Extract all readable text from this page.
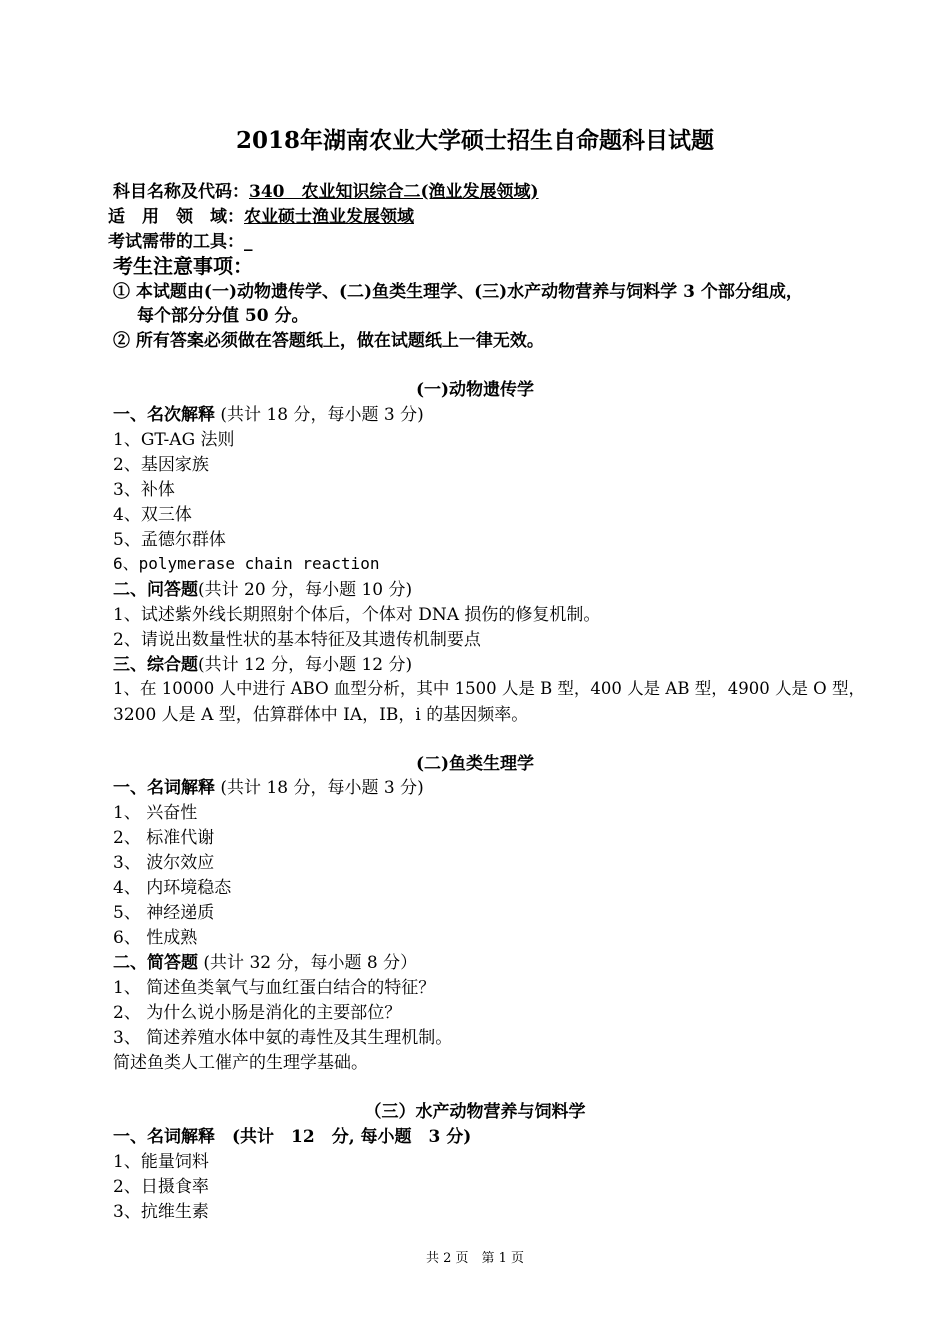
2018年湖南农业大学硕士招生自命题科目试题
科目名称及代码：340　农业知识综合二(渔业发展领域)
适　用　领　域：农业硕士渔业发展领域
考试需带的工具：_
考生注意事项：
① 本试题由(一)动物遗传学、(二)鱼类生理学、(三)水产动物营养与饲料学 3 个部分组成，
每个部分分值 50 分。
② 所有答案必须做在答题纸上，做在试题纸上一律无效。
(一)动物遗传学
一、名次解释 (共计 18 分，每小题 3 分)
1、GT-AG 法则
2、基因家族
3、补体
4、双三体
5、孟德尔群体
6、polymerase chain reaction
二、问答题(共计 20 分，每小题 10 分)
1、试述紫外线长期照射个体后，个体对 DNA 损伤的修复机制。
2、请说出数量性状的基本特征及其遗传机制要点
三、综合题(共计 12 分，每小题 12 分)
1、在 10000 人中进行 ABO 血型分析，其中 1500 人是 B 型，400 人是 AB 型，4900 人是 O 型，
3200 人是 A 型，估算群体中 IA，IB，i 的基因频率。
(二)鱼类生理学
一、名词解释 (共计 18 分，每小题 3 分)
1、 兴奋性
2、 标准代谢
3、 波尔效应
4、 内环境稳态
5、 神经递质
6、 性成熟
二、简答题 (共计 32 分，每小题 8 分）
1、 简述鱼类氧气与血红蛋白结合的特征？
2、 为什么说小肠是消化的主要部位？
3、 简述养殖水体中氨的毒性及其生理机制。
简述鱼类人工催产的生理学基础。
（三）水产动物营养与饲料学
一、名词解释　(共计　12　分, 每小题　3 分)
1、能量饲料
2、日摄食率
3、抗维生素
共 2 页　第 1 页
